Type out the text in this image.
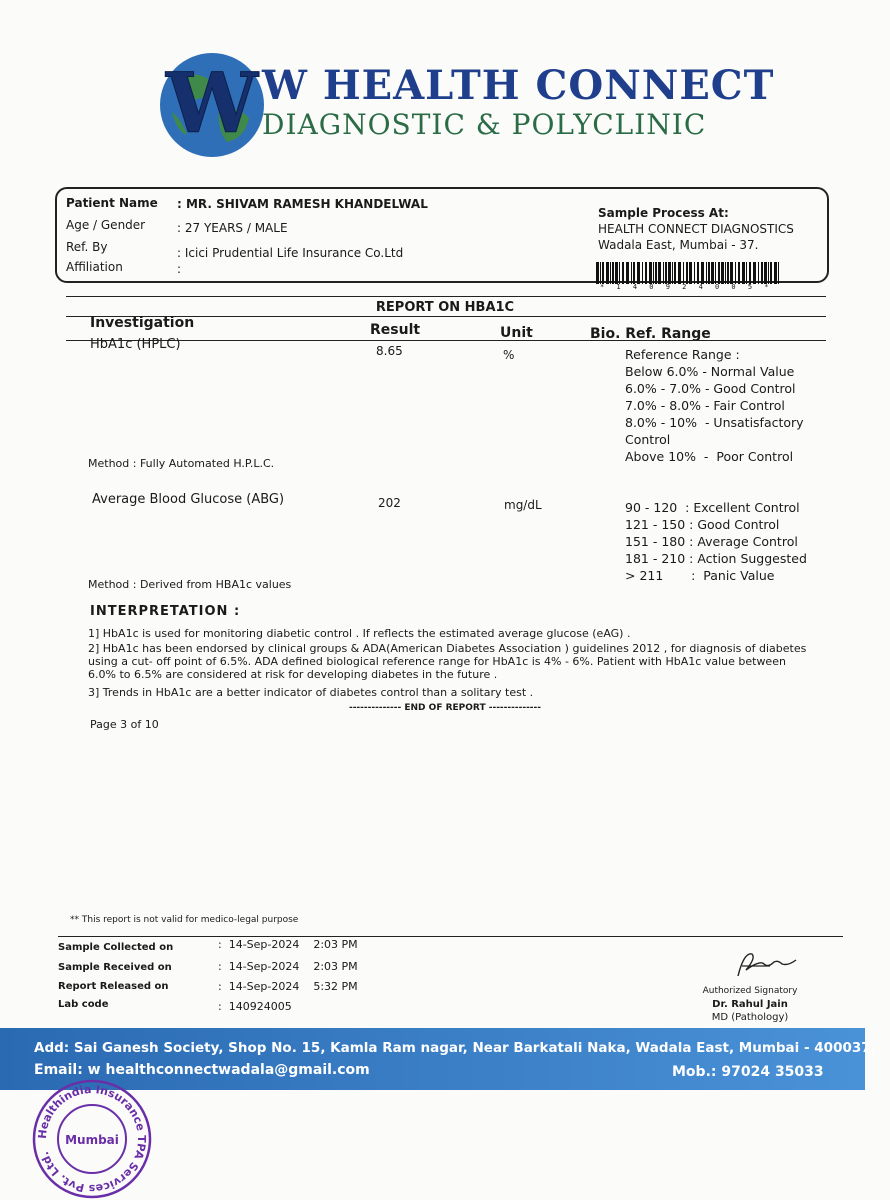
W W HEALTH CONNECT
DIAGNOSTIC & POLYCLINIC
Patient Name : MR. SHIVAM RAMESH KHANDELWAL
Age / Gender	: 27 YEARS / MALE
Ref. By	: Icici Prudential Life Insurance Co.Ltd
Affiliation	:
Sample Process At:
HEALTH CONNECT DIAGNOSTICS
Wadala East, Mumbai - 37.
* 1 4 0 9 2 4 0 0 5 *
REPORT ON HBA1C
Investigation	Result	Unit	Bio. Ref. Range
HbA1c (HPLC)	8.65	%	Reference Range :
Below 6.0% - Normal Value
6.0% - 7.0% - Good Control
7.0% - 8.0% - Fair Control
8.0% - 10%  - Unsatisfactory
Control
Above 10%  -  Poor Control
Method : Fully Automated H.P.L.C.
Average Blood Glucose (ABG)	202	mg/dL	90 - 120  : Excellent Control
121 - 150 : Good Control
151 - 180 : Average Control
181 - 210 : Action Suggested
> 211       :  Panic Value
Method : Derived from HBA1c values
INTERPRETATION :
1] HbA1c is used for monitoring diabetic control . If reflects the estimated average glucose (eAG) .
2] HbA1c has been endorsed by clinical groups & ADA(American Diabetes Association ) guidelines 2012 , for diagnosis of diabetes using a cut- off point of 6.5%. ADA defined biological reference range for HbA1c is 4% - 6%. Patient with HbA1c value between 6.0% to 6.5% are considered at risk for developing diabetes in the future .
3] Trends in HbA1c are a better indicator of diabetes control than a solitary test .
-------------- END OF REPORT --------------
Page 3 of 10
** This report is not valid for medico-legal purpose
Sample Collected on	:  14-Sep-2024    2:03 PM
Sample Received on	:  14-Sep-2024    2:03 PM
Report Released on	:  14-Sep-2024    5:32 PM
Lab code	:  140924005
Authorized Signatory
Dr. Rahul Jain
MD (Pathology)
Add: Sai Ganesh Society, Shop No. 15, Kamla Ram nagar, Near Barkatali Naka, Wadala East, Mumbai - 400037.
Email: w healthconnectwadala@gmail.com	Mob.: 97024 35033
Healthindia Insurance TPA Services Pvt. Ltd.
Mumbai
